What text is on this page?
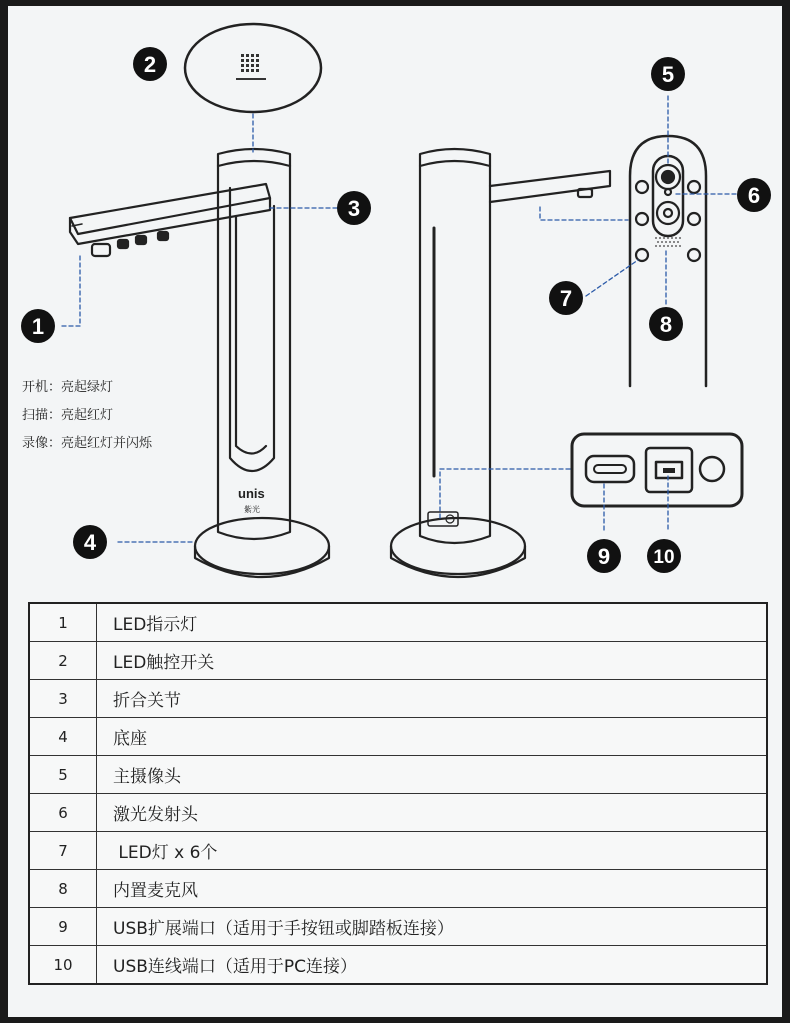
unis
紫光
1
2
3
4
5
6
7
8
9 10
开机：亮起绿灯
扫描：亮起红灯
录像：亮起红灯并闪烁
1	LED指示灯
2	LED触控开关
3	折合关节
4	底座
5	主摄像头
6	激光发射头
7	LED灯 x 6个
8	内置麦克风
9	USB扩展端口（适用于手按钮或脚踏板连接）
10	USB连线端口（适用于PC连接）
